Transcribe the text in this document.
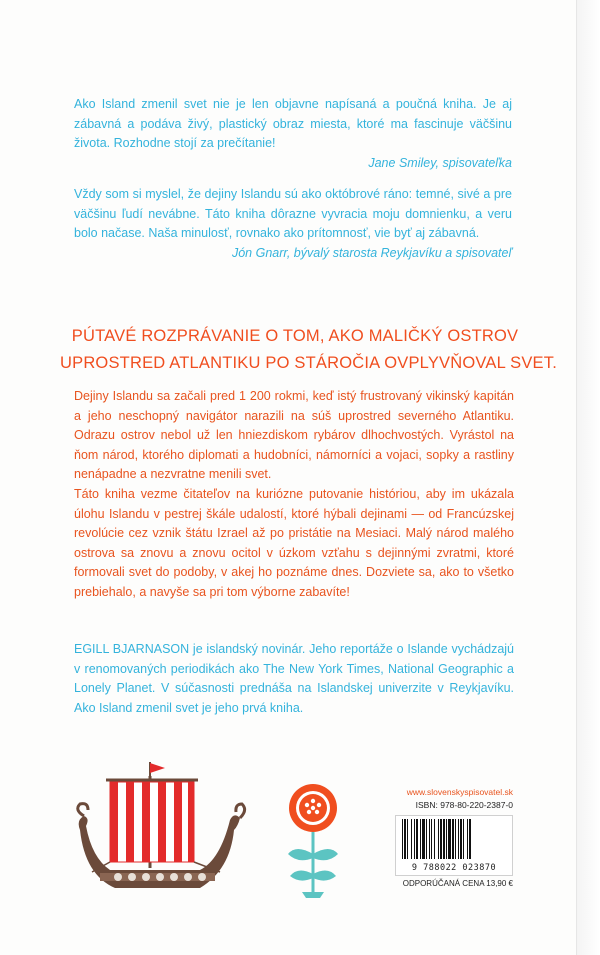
Ako Island zmenil svet nie je len objavne napísaná a poučná kniha. Je aj zábavná a podáva živý, plastický obraz miesta, ktoré ma fascinuje väčšinu života. Rozhodne stojí za prečítanie!
Jane Smiley, spisovateľka
Vždy som si myslel, že dejiny Islandu sú ako októbrové ráno: temné, sivé a pre väčšinu ľudí nevábne. Táto kniha dôrazne vyvracia moju domnienku, a veru bolo načase. Naša minulosť, rovnako ako prítomnosť, vie byť aj zábavná.
Jón Gnarr, bývalý starosta Reykjavíku a spisovateľ
PÚTAVÉ ROZPRÁVANIE O TOM, AKO MALIČKÝ OSTROV
UPROSTRED ATLANTIKU PO STÁROČIA OVPLYVŇOVAL SVET.

Dejiny Islandu sa začali pred 1 200 rokmi, keď istý frustrovaný vikinský kapitán a jeho neschopný navigátor narazili na súš uprostred severného Atlantiku. Odrazu ostrov nebol už len hniezdiskom rybárov dlhochvostých. Vyrástol na ňom národ, ktorého diplomati a hudobníci, námorníci a vojaci, sopky a rastliny nenápadne a nezvratne menili svet.

Táto kniha vezme čitateľov na kuriózne putovanie históriou, aby im ukázala úlohu Islandu v pestrej škále udalostí, ktoré hýbali dejinami — od Francúzskej revolúcie cez vznik štátu Izrael až po pristátie na Mesiaci. Malý národ malého ostrova sa znovu a znovu ocitol v úzkom vzťahu s dejinnými zvratmi, ktoré formovali svet do podoby, v akej ho poznáme dnes. Dozviete sa, ako to všetko prebiehalo, a navyše sa pri tom výborne zabavíte!

EGILL BJARNASON je islandský novinár. Jeho reportáže o Islande vychádzajú v renomovaných periodikách ako The New York Times, National Geographic a Lonely Planet. V súčasnosti prednáša na Islandskej univerzite v Reykjavíku. Ako Island zmenil svet je jeho prvá kniha.
www.slovenskyspisovatel.sk
ISBN: 978-80-220-2387-0
9 788022 023870
ODPORÚČANÁ CENA 13,90 €
